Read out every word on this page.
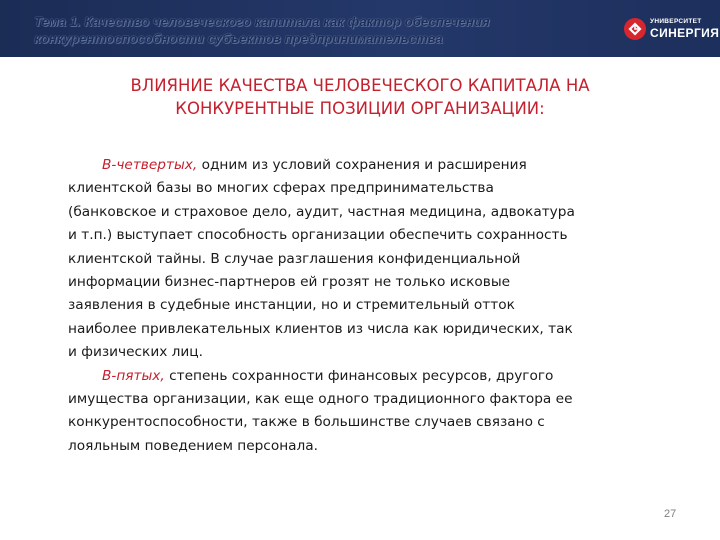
Тема 1. Качество человеческого капитала как фактор обеспечения
конкурентоспособности субъектов предпринимательства
УНИВЕРСИТЕТ
СИНЕРГИЯ
ВЛИЯНИЕ КАЧЕСТВА ЧЕЛОВЕЧЕСКОГО КАПИТАЛА НА
КОНКУРЕНТНЫЕ ПОЗИЦИИ ОРГАНИЗАЦИИ:
В-четвертых, одним из условий сохранения и расширения
клиентской базы во многих сферах предпринимательства
(банковское и страховое дело, аудит, частная медицина, адвокатура
и т.п.) выступает способность организации обеспечить сохранность
клиентской тайны. В случае разглашения конфиденциальной
информации бизнес-партнеров ей грозят не только исковые
заявления в судебные инстанции, но и стремительный отток
наиболее привлекательных клиентов из числа как юридических, так
и физических лиц.
В-пятых, степень сохранности финансовых ресурсов, другого
имущества организации, как еще одного традиционного фактора ее
конкурентоспособности, также в большинстве случаев связано с
лояльным поведением персонала.
27
